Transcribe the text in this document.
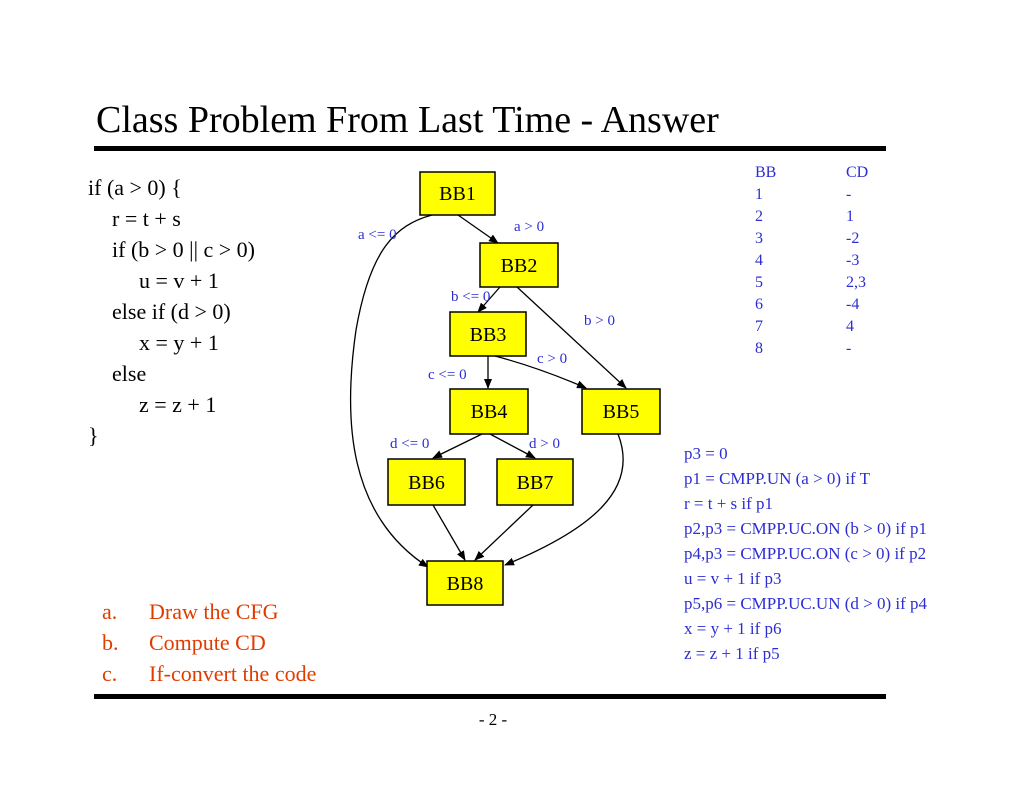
Class Problem From Last Time - Answer
if (a > 0) {
r = t + s
if (b > 0 || c > 0)
u = v + 1
else if (d > 0)
x = y + 1
else
z = z + 1
}
BB1
BB2
BB3
BB4	BB5
BB6	BB7
BB8
a <= 0	a > 0
b <= 0
b > 0
c > 0
c <= 0
d <= 0	d > 0
BB	CD
1	-
2	1
3	-2
4	-3
5	2,3
6	-4
7	4
8	-
p3 = 0
p1 = CMPP.UN (a > 0) if T
r = t + s if p1
p2,p3 = CMPP.UC.ON (b > 0) if p1
p4,p3 = CMPP.UC.ON (c > 0) if p2
u = v + 1 if p3
p5,p6 = CMPP.UC.UN (d > 0) if p4
x = y + 1 if p6
z = z + 1 if p5
a. Draw the CFG
b. Compute CD
c. If-convert the code
- 2 -
